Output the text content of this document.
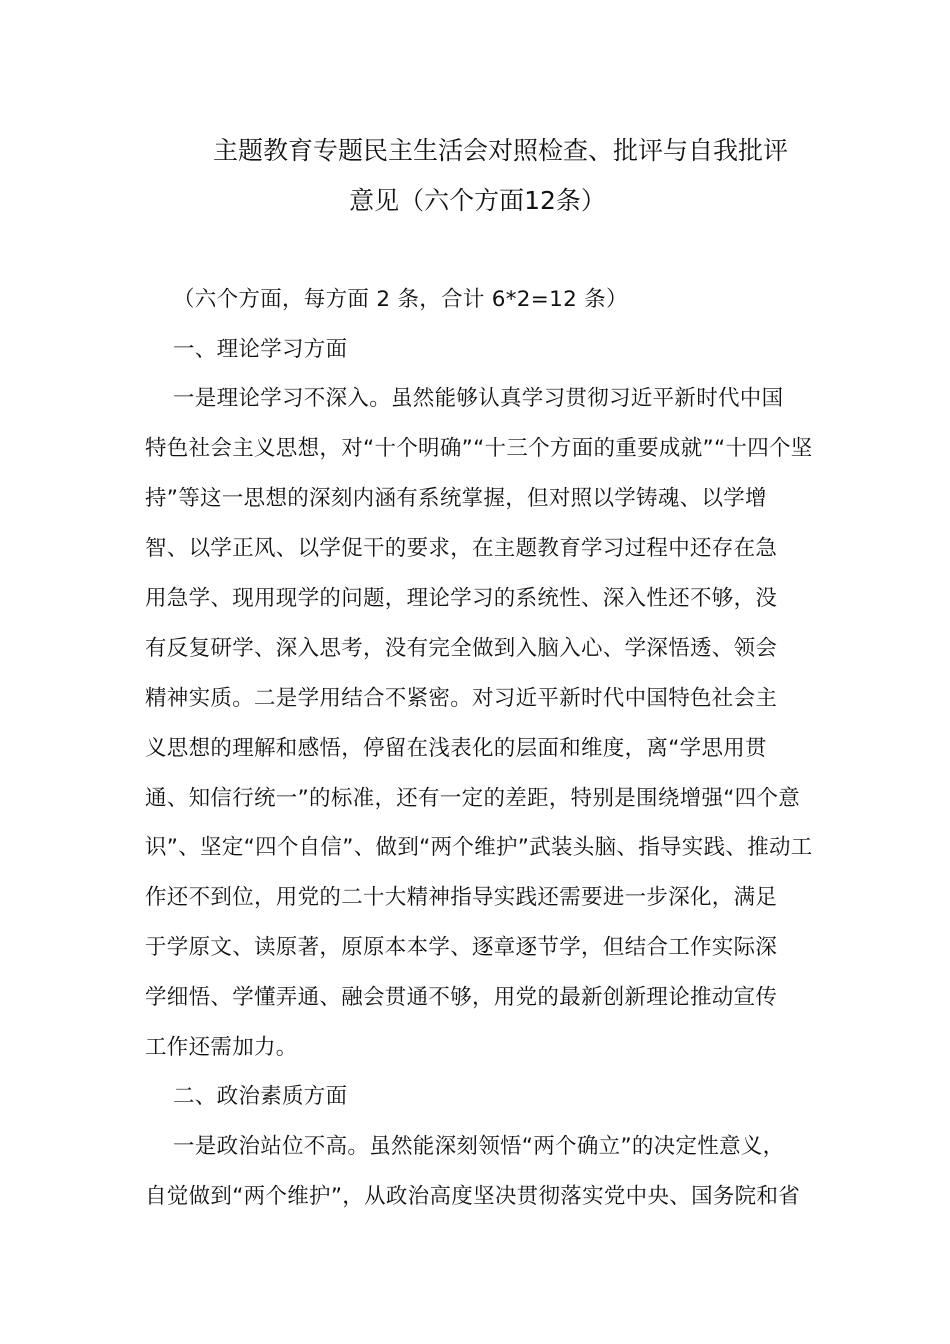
主题教育专题民主生活会对照检查、批评与自我批评
意见（六个方面12条）
（六个方面，每方面 2 条，合计 6*2=12 条）
一、理论学习方面
一是理论学习不深入。虽然能够认真学习贯彻习近平新时代中国
特色社会主义思想，对“十个明确”“十三个方面的重要成就”“十四个坚
持”等这一思想的深刻内涵有系统掌握，但对照以学铸魂、以学增
智、以学正风、以学促干的要求，在主题教育学习过程中还存在急
用急学、现用现学的问题，理论学习的系统性、深入性还不够，没
有反复研学、深入思考，没有完全做到入脑入心、学深悟透、领会
精神实质。二是学用结合不紧密。对习近平新时代中国特色社会主
义思想的理解和感悟，停留在浅表化的层面和维度，离“学思用贯
通、知信行统一”的标准，还有一定的差距，特别是围绕增强“四个意
识”、坚定“四个自信”、做到“两个维护”武装头脑、指导实践、推动工
作还不到位，用党的二十大精神指导实践还需要进一步深化，满足
于学原文、读原著，原原本本学、逐章逐节学，但结合工作实际深
学细悟、学懂弄通、融会贯通不够，用党的最新创新理论推动宣传
工作还需加力。
二、政治素质方面
一是政治站位不高。虽然能深刻领悟“两个确立”的决定性意义，
自觉做到“两个维护”，从政治高度坚决贯彻落实党中央、国务院和省
